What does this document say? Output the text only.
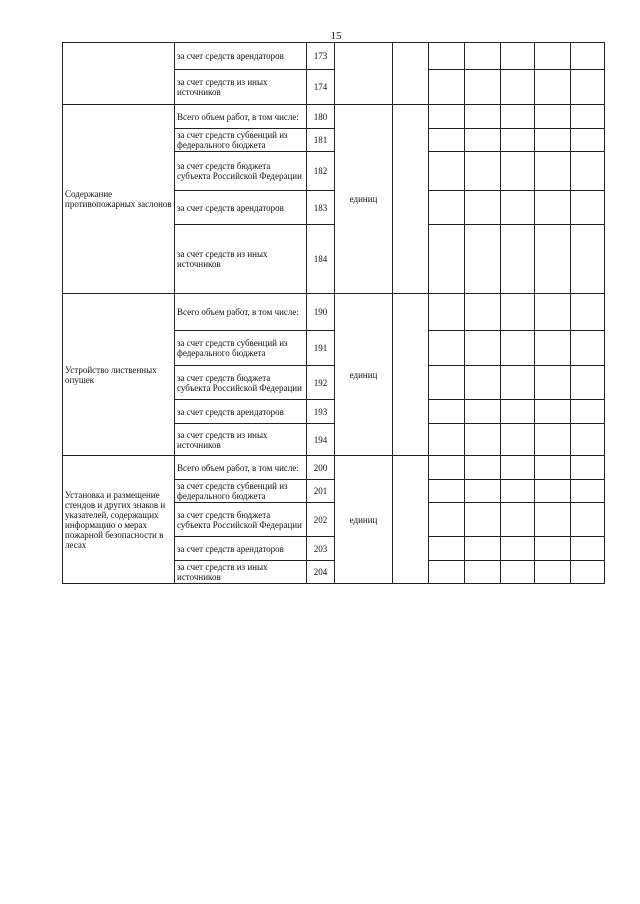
15
	за счет средств арендаторов	173							
	за счет средств из иных источников	174							
Содержание противопожарных заслонов	Всего объем работ, в том числе:	180	единиц						
	за счет средств субвенций из федерального бюджета	181							
	за счет средств бюджета субъекта Российской Федерации	182							
	за счет средств арендаторов	183							
	за счет средств из иных источников	184							
Устройство лиственных опушек	Всего объем работ, в том числе:	190	единиц						
	за счет средств субвенций из федерального бюджета	191							
	за счет средств бюджета субъекта Российской Федерации	192							
	за счет средств арендаторов	193							
	за счет средств из иных источников	194							
Установка и размещение стендов и других знаков и указателей, содержащих информацию о мерах пожарной безопасности в лесах	Всего объем работ, в том числе:	200	единиц						
	за счет средств субвенций из федерального бюджета	201							
	за счет средств бюджета субъекта Российской Федерации	202							
	за счет средств арендаторов	203							
	за счет средств из иных источников	204							
